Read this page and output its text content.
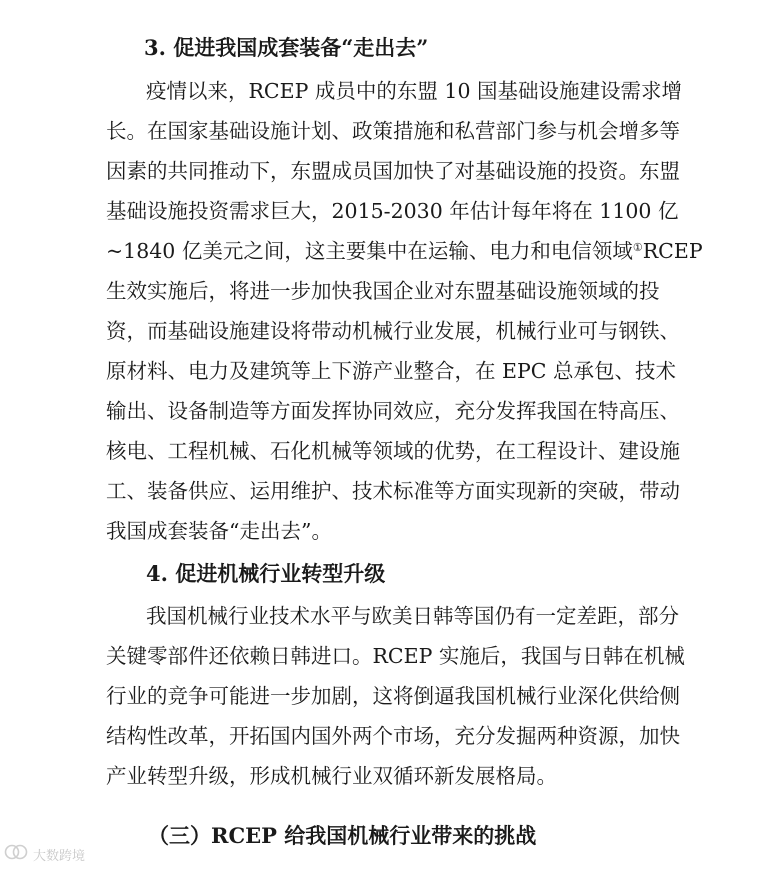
3. 促进我国成套装备“走出去”
疫情以来，RCEP 成员中的东盟 10 国基础设施建设需求增
长。在国家基础设施计划、政策措施和私营部门参与机会增多等
因素的共同推动下，东盟成员国加快了对基础设施的投资。东盟
基础设施投资需求巨大，2015-2030 年估计每年将在 1100 亿
~1840 亿美元之间，这主要集中在运输、电力和电信领域①RCEP
生效实施后，将进一步加快我国企业对东盟基础设施领域的投
资，而基础设施建设将带动机械行业发展，机械行业可与钢铁、
原材料、电力及建筑等上下游产业整合，在 EPC 总承包、技术
输出、设备制造等方面发挥协同效应，充分发挥我国在特高压、
核电、工程机械、石化机械等领域的优势，在工程设计、建设施
工、装备供应、运用维护、技术标准等方面实现新的突破，带动
我国成套装备“走出去”。
4. 促进机械行业转型升级
我国机械行业技术水平与欧美日韩等国仍有一定差距，部分
关键零部件还依赖日韩进口。RCEP 实施后，我国与日韩在机械
行业的竞争可能进一步加剧，这将倒逼我国机械行业深化供给侧
结构性改革，开拓国内国外两个市场，充分发掘两种资源，加快
产业转型升级，形成机械行业双循环新发展格局。
（三）RCEP 给我国机械行业带来的挑战
大数跨境
